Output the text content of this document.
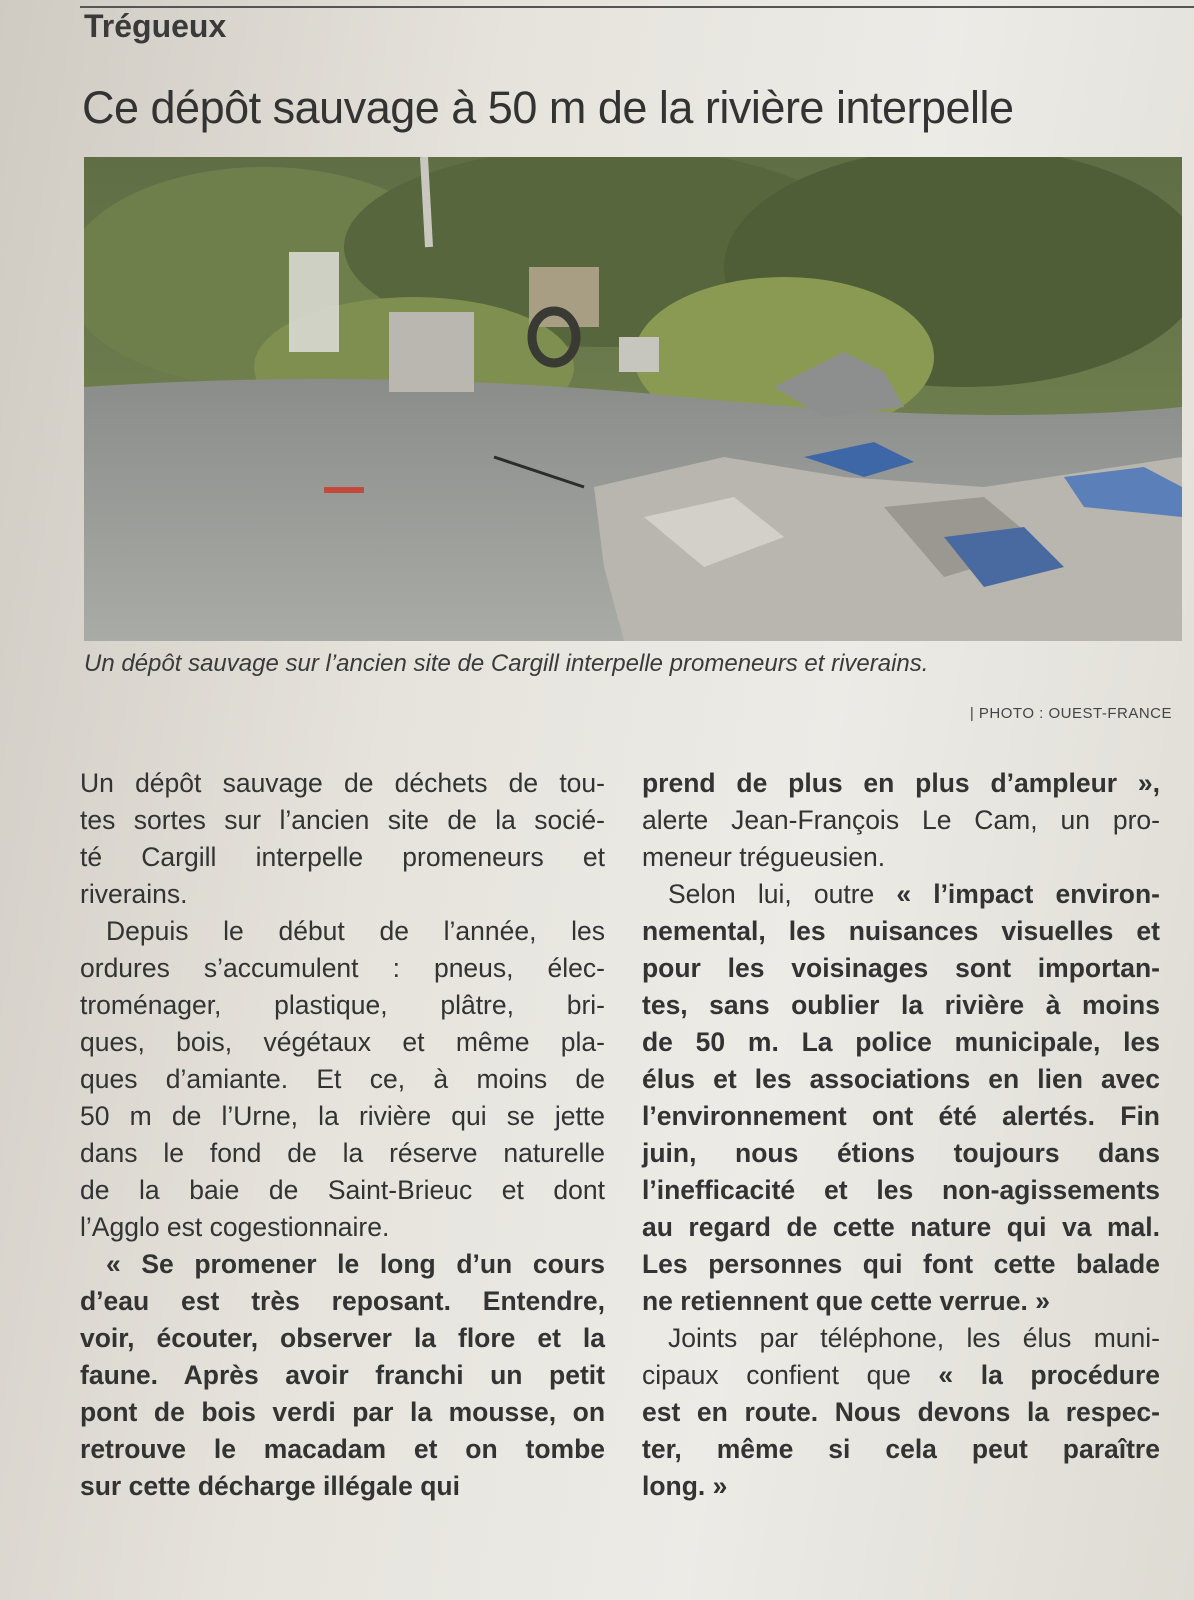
Trégueux
Ce dépôt sauvage à 50 m de la rivière interpelle
Un dépôt sauvage sur l’ancien site de Cargill interpelle promeneurs et riverains.
| PHOTO : OUEST-FRANCE

Un dépôt sauvage de déchets de tou-

tes sortes sur l’ancien site de la socié-

té Cargill interpelle promeneurs et

riverains.

Depuis le début de l’année, les

ordures s’accumulent : pneus, élec-

troménager, plastique, plâtre, bri-

ques, bois, végétaux et même pla-

ques d’amiante. Et ce, à moins de

50 m de l’Urne, la rivière qui se jette

dans le fond de la réserve naturelle

de la baie de Saint-Brieuc et dont

l’Agglo est cogestionnaire.

« Se promener le long d’un cours

d’eau est très reposant. Entendre,

voir, écouter, observer la flore et la

faune. Après avoir franchi un petit

pont de bois verdi par la mousse, on

retrouve le macadam et on tombe

sur cette décharge illégale qui

prend de plus en plus d’ampleur »,

alerte Jean-François Le Cam, un pro-

meneur trégueusien.

Selon lui, outre « l’impact environ-

nemental, les nuisances visuelles et

pour les voisinages sont importan-

tes, sans oublier la rivière à moins

de 50 m. La police municipale, les

élus et les associations en lien avec

l’environnement ont été alertés. Fin

juin, nous étions toujours dans

l’inefficacité et les non-agissements

au regard de cette nature qui va mal.

Les personnes qui font cette balade

ne retiennent que cette verrue. »

Joints par téléphone, les élus muni-

cipaux confient que « la procédure

est en route. Nous devons la respec-

ter, même si cela peut paraître

long. »
